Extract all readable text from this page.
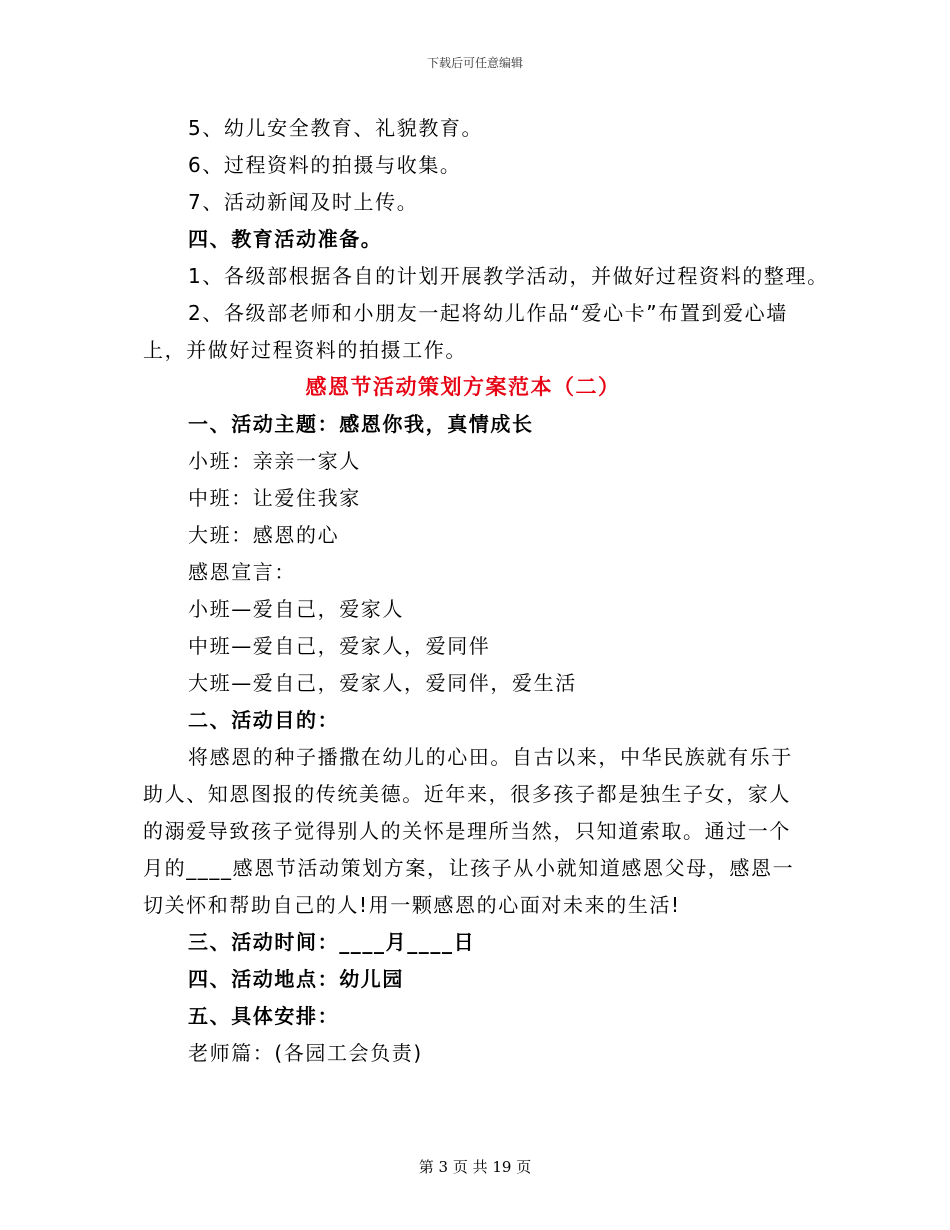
下载后可任意编辑
5、幼儿安全教育、礼貌教育。
6、过程资料的拍摄与收集。
7、活动新闻及时上传。
四、教育活动准备。
1、各级部根据各自的计划开展教学活动，并做好过程资料的整理。
2、各级部老师和小朋友一起将幼儿作品“爱心卡”布置到爱心墙
上，并做好过程资料的拍摄工作。
感恩节活动策划方案范本（二）
一、活动主题：感恩你我，真情成长
小班：亲亲一家人
中班：让爱住我家
大班：感恩的心
感恩宣言：
小班—爱自己，爱家人
中班—爱自己，爱家人，爱同伴
大班—爱自己，爱家人，爱同伴，爱生活
二、活动目的：
将感恩的种子播撒在幼儿的心田。自古以来，中华民族就有乐于
助人、知恩图报的传统美德。近年来，很多孩子都是独生子女，家人
的溺爱导致孩子觉得别人的关怀是理所当然，只知道索取。通过一个
月的____感恩节活动策划方案，让孩子从小就知道感恩父母，感恩一
切关怀和帮助自己的人!用一颗感恩的心面对未来的生活!
三、活动时间：____月____日
四、活动地点：幼儿园
五、具体安排：
老师篇：(各园工会负责)
第 3 页 共 19 页
